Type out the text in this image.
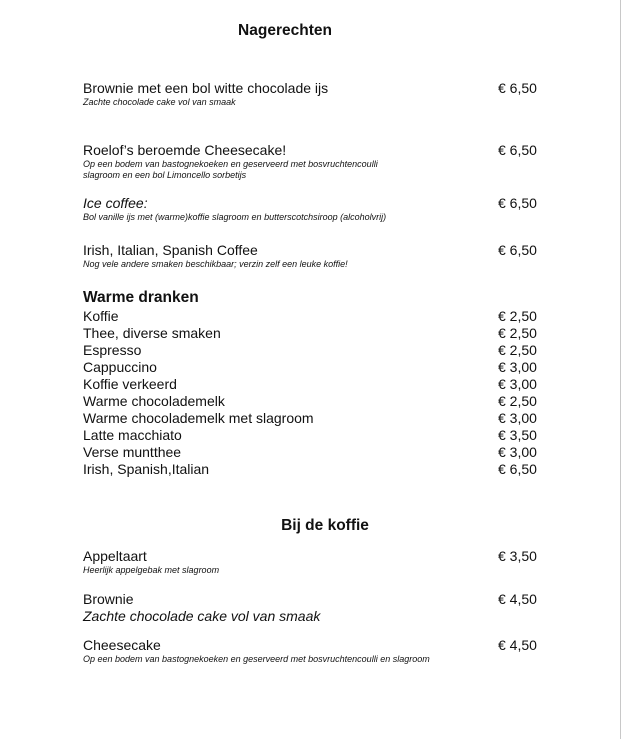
Nagerechten
Brownie met een bol witte chocolade ijs
Zachte chocolade cake vol van smaak
€ 6,50
Roelof’s beroemde Cheesecake!
Op een bodem van bastognekoeken en geserveerd met bosvruchtencoulli
slagroom en een bol Limoncello sorbetijs
€ 6,50
Ice coffee:
Bol vanille ijs met (warme)koffie slagroom en butterscotchsiroop (alcoholvrij)
€ 6,50
Irish, Italian, Spanish Coffee
Nog vele andere smaken beschikbaar; verzin zelf een leuke koffie!
€ 6,50
Warme dranken
Koffie	€ 2,50
Thee, diverse smaken	€ 2,50
Espresso	€ 2,50
Cappuccino	€ 3,00
Koffie verkeerd	€ 3,00
Warme chocolademelk	€ 2,50
Warme chocolademelk met slagroom	€ 3,00
Latte macchiato	€ 3,50
Verse muntthee	€ 3,00
Irish, Spanish,Italian	€ 6,50
Bij de koffie
Appeltaart
Heerlijk appelgebak met slagroom
€ 3,50
Brownie
Zachte chocolade cake vol van smaak
€ 4,50
Cheesecake
Op een bodem van bastognekoeken en geserveerd met bosvruchtencoulli en slagroom
€ 4,50
